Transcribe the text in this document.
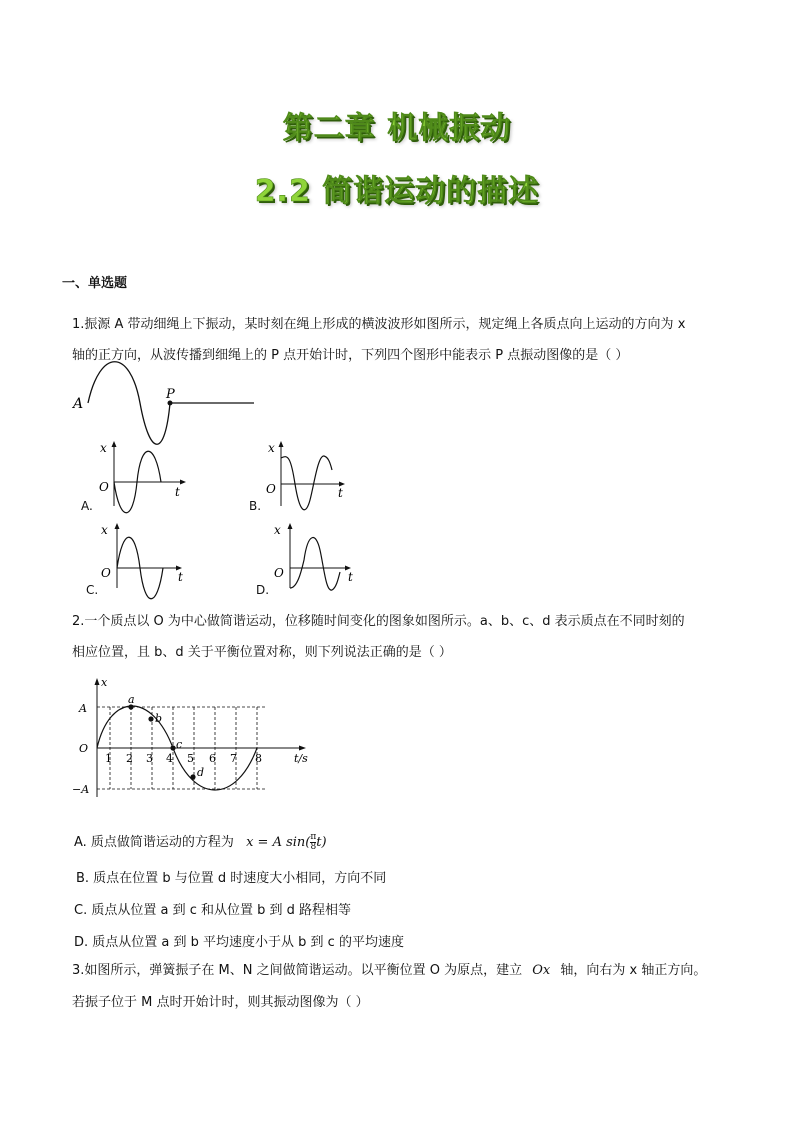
第二章 机械振动
2.2 简谐运动的描述
一、单选题
1.振源 A 带动细绳上下振动，某时刻在绳上形成的横波波形如图所示，规定绳上各质点向上运动的方向为 x
轴的正方向，从波传播到细绳上的 P 点开始计时，下列四个图形中能表示 P 点振动图像的是（ ）
A
P
x
O	t
A.
x
O	t
B.
x
O	t
C.
x
O	t
D.
2.一个质点以 O 为中心做简谐运动，位移随时间变化的图象如图所示。a、b、c、d 表示质点在不同时刻的
相应位置，且 b、d 关于平衡位置对称，则下列说法正确的是（ ）
x
A
O
−A
t/s
1 2 3 4 5 6 7 8
a
b
c
d
A. 质点做简谐运动的方程为 x = A $\sin( \frac{\pi}{8} t)$
B. 质点在位置 b 与位置 d 时速度大小相同，方向不同
C. 质点从位置 a 到 c 和从位置 b 到 d 路程相等
D. 质点从位置 a 到 b 平均速度小于从 b 到 c 的平均速度
3.如图所示，弹簧振子在 M、N 之间做简谐运动。以平衡位置 O 为原点，建立 Ox 轴，向右为 x 轴正方向。
若振子位于 M 点时开始计时，则其振动图像为（ ）
